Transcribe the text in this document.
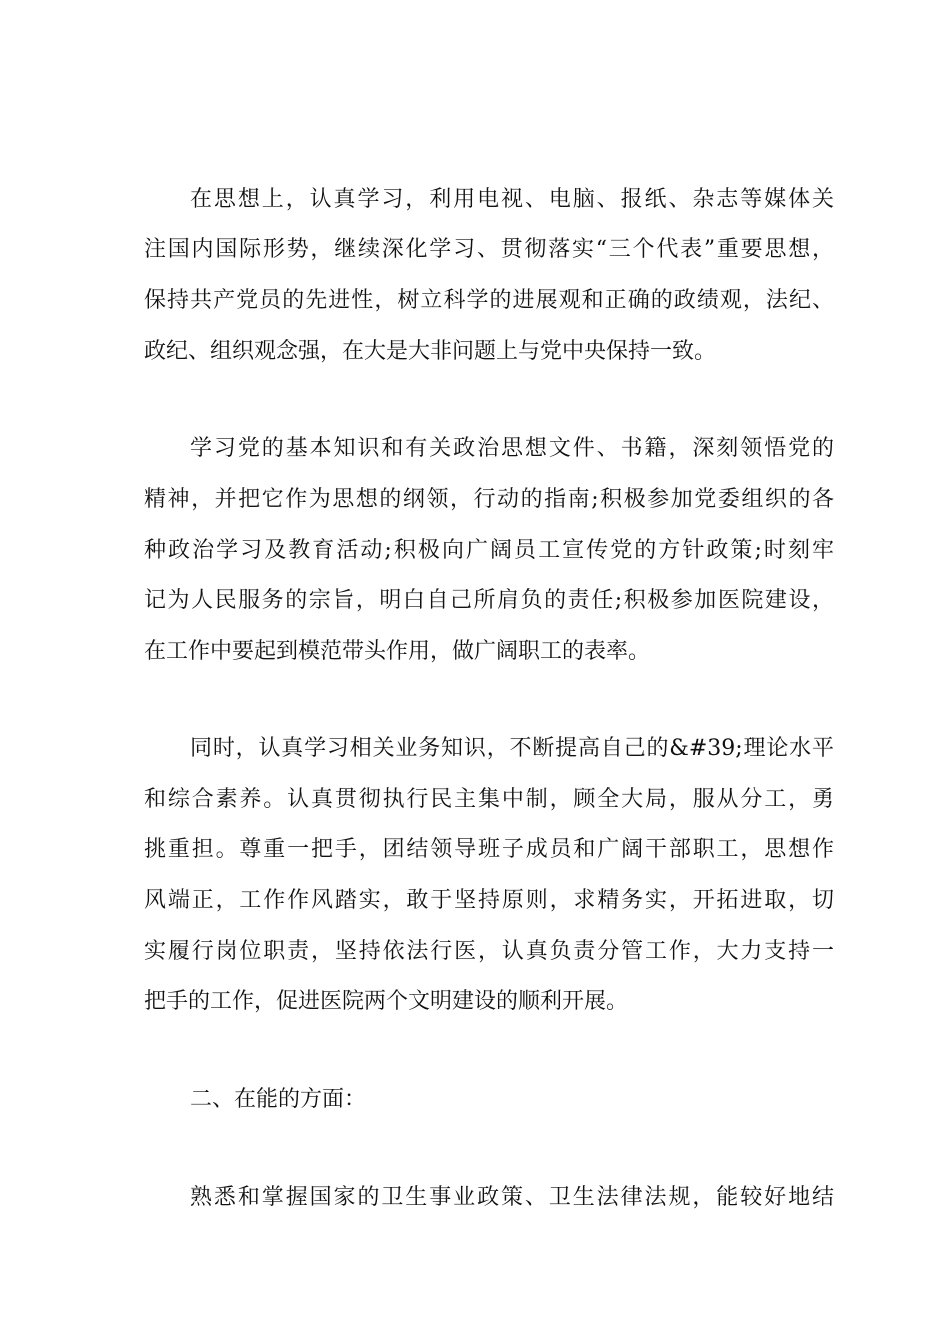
在思想上，认真学习，利用电视、电脑、报纸、杂志等媒体关
注国内国际形势，继续深化学习、贯彻落实“三个代表”重要思想，
保持共产党员的先进性，树立科学的进展观和正确的政绩观，法纪、
政纪、组织观念强，在大是大非问题上与党中央保持一致。
学习党的基本知识和有关政治思想文件、书籍，深刻领悟党的
精神，并把它作为思想的纲领，行动的指南;积极参加党委组织的各
种政治学习及教育活动;积极向广阔员工宣传党的方针政策;时刻牢
记为人民服务的宗旨，明白自己所肩负的责任;积极参加医院建设，
在工作中要起到模范带头作用，做广阔职工的表率。
同时，认真学习相关业务知识，不断提高自己的&#39;理论水平
和综合素养。认真贯彻执行民主集中制，顾全大局，服从分工，勇
挑重担。尊重一把手，团结领导班子成员和广阔干部职工，思想作
风端正，工作作风踏实，敢于坚持原则，求精务实，开拓进取，切
实履行岗位职责，坚持依法行医，认真负责分管工作，大力支持一
把手的工作，促进医院两个文明建设的顺利开展。
二、在能的方面：
熟悉和掌握国家的卫生事业政策、卫生法律法规，能较好地结
